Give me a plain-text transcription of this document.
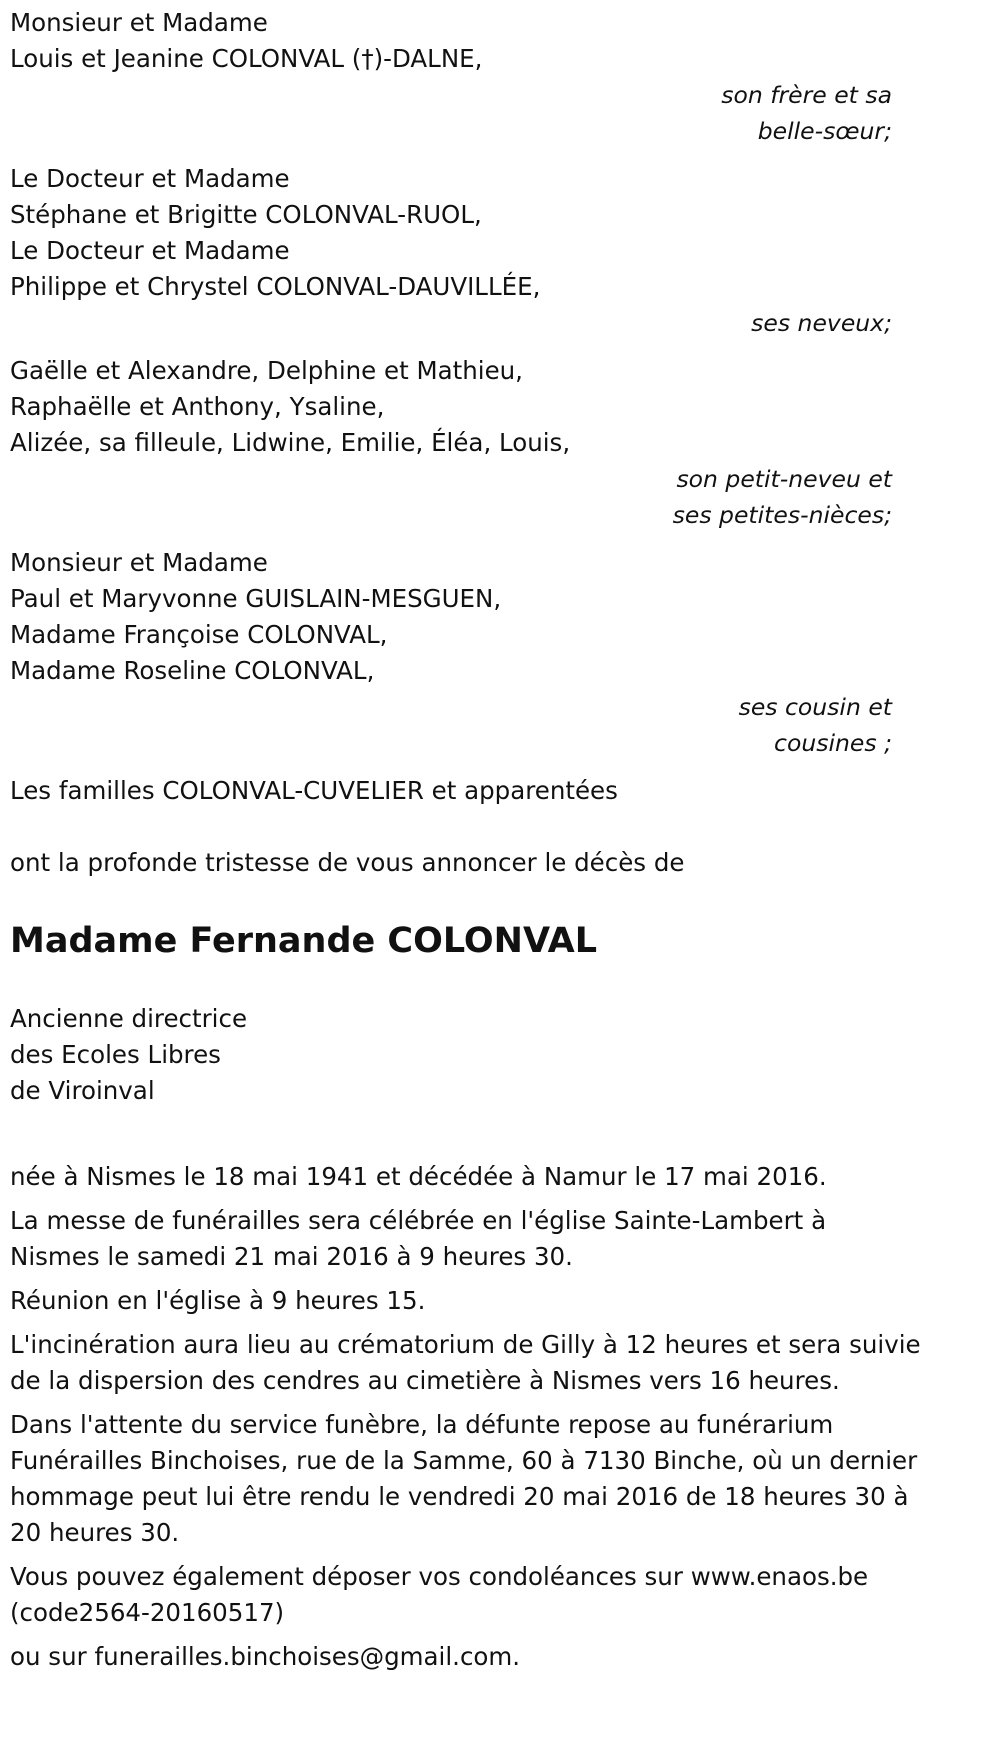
Monsieur et Madame
Louis et Jeanine COLONVAL (†)-DALNE,
son frère et sa
belle-sœur;
Le Docteur et Madame
Stéphane et Brigitte COLONVAL-RUOL,
Le Docteur et Madame
Philippe et Chrystel COLONVAL-DAUVILLÉE,
ses neveux;
Gaëlle et Alexandre, Delphine et Mathieu,
Raphaëlle et Anthony, Ysaline,
Alizée, sa filleule, Lidwine, Emilie, Éléa, Louis,
son petit-neveu et
ses petites-nièces;
Monsieur et Madame
Paul et Maryvonne GUISLAIN-MESGUEN,
Madame Françoise COLONVAL,
Madame Roseline COLONVAL,
ses cousin et
cousines ;
Les familles COLONVAL-CUVELIER et apparentées
ont la profonde tristesse de vous annoncer le décès de
Madame Fernande COLONVAL
Ancienne directrice
des Ecoles Libres
de Viroinval
née à Nismes le 18 mai 1941 et décédée à Namur le 17 mai 2016.
La messe de funérailles sera célébrée en l'église Sainte-Lambert à
Nismes le samedi 21 mai 2016 à 9 heures 30.
Réunion en l'église à 9 heures 15.
L'incinération aura lieu au crématorium de Gilly à 12 heures et sera suivie
de la dispersion des cendres au cimetière à Nismes vers 16 heures.
Dans l'attente du service funèbre, la défunte repose au funérarium
Funérailles Binchoises, rue de la Samme, 60 à 7130 Binche, où un dernier
hommage peut lui être rendu le vendredi 20 mai 2016 de 18 heures 30 à
20 heures 30.
Vous pouvez également déposer vos condoléances sur www.enaos.be
(code2564-20160517)
ou sur funerailles.binchoises@gmail.com.
